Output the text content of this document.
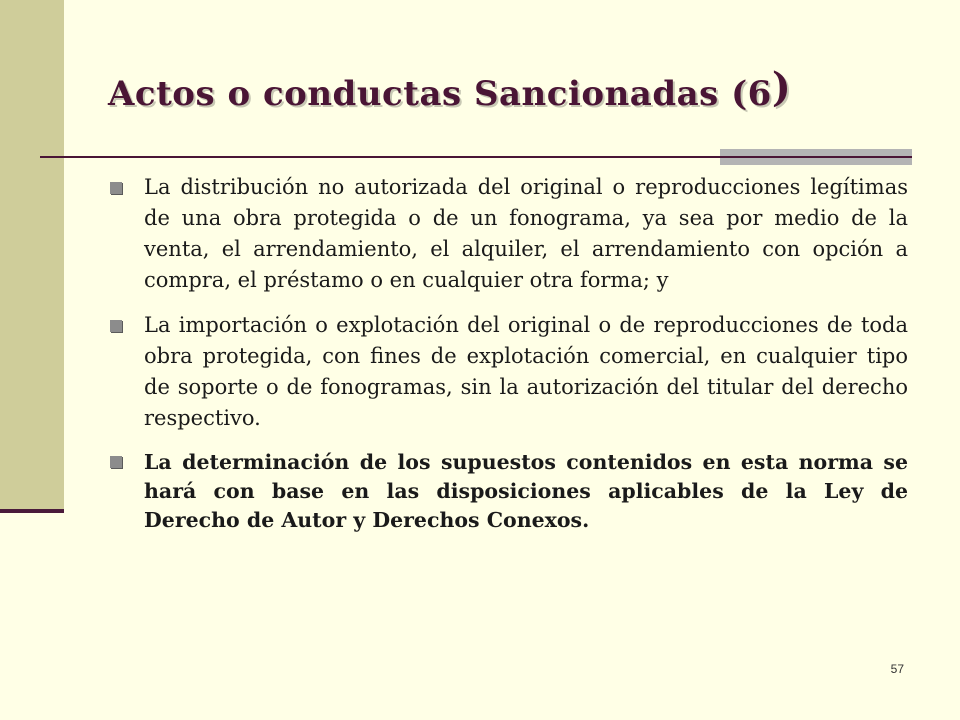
Actos o conductas Sancionadas (6)
La distribución no autorizada del original o reproducciones legítimas de una obra protegida o de un fonograma, ya sea por medio de la venta, el arrendamiento, el alquiler, el arrendamiento con opción a compra, el préstamo o en cualquier otra forma; y
La importación o explotación del original o de reproducciones de toda obra protegida, con fines de explotación comercial, en cualquier tipo de soporte o de fonogramas, sin la autorización del titular del derecho respectivo.
La determinación de los supuestos contenidos en esta norma se hará con base en las disposiciones aplicables de la Ley de Derecho de Autor y Derechos Conexos.
57
